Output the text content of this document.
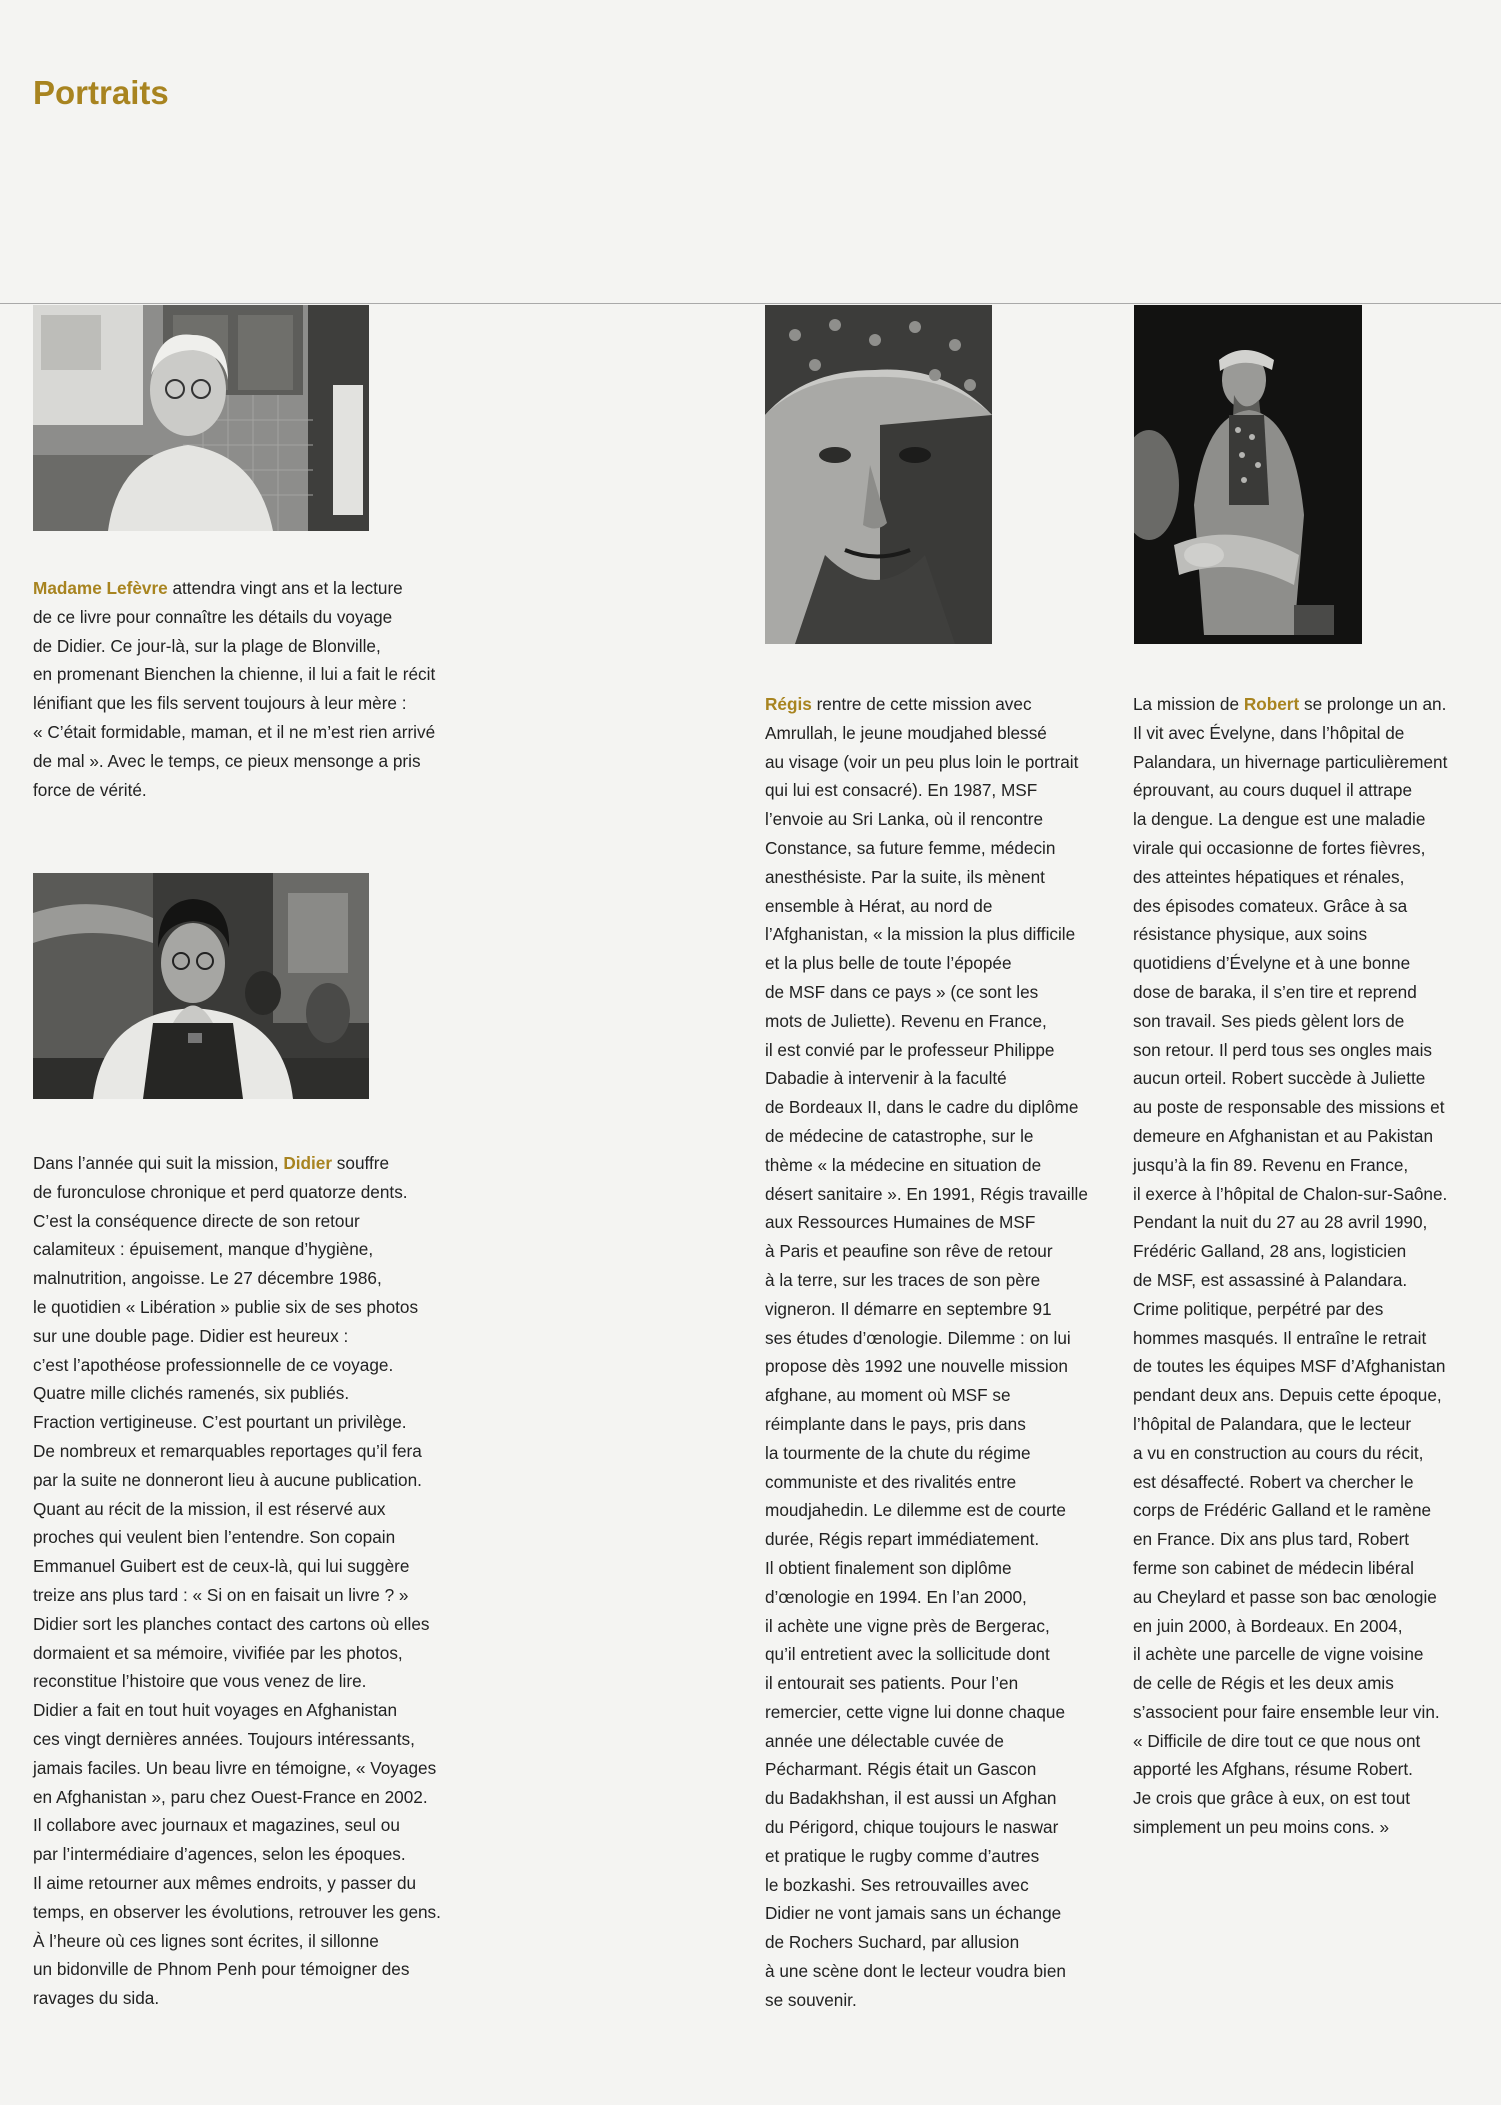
Portraits

Madame Lefèvre attendra vingt ans et la lecture
de ce livre pour connaître les détails du voyage
de Didier. Ce jour-là, sur la plage de Blonville,
en promenant Bienchen la chienne, il lui a fait le récit
lénifiant que les fils servent toujours à leur mère :
« C’était formidable, maman, et il ne m’est rien arrivé
de mal ». Avec le temps, ce pieux mensonge a pris
force de vérité.

Dans l’année qui suit la mission, Didier souffre
de furonculose chronique et perd quatorze dents.
C’est la conséquence directe de son retour
calamiteux : épuisement, manque d’hygiène,
malnutrition, angoisse. Le 27 décembre 1986,
le quotidien « Libération » publie six de ses photos
sur une double page. Didier est heureux :
c’est l’apothéose professionnelle de ce voyage.
Quatre mille clichés ramenés, six publiés.
Fraction vertigineuse. C’est pourtant un privilège.
De nombreux et remarquables reportages qu’il fera
par la suite ne donneront lieu à aucune publication.
Quant au récit de la mission, il est réservé aux
proches qui veulent bien l’entendre. Son copain
Emmanuel Guibert est de ceux-là, qui lui suggère
treize ans plus tard : « Si on en faisait un livre ? »
Didier sort les planches contact des cartons où elles
dormaient et sa mémoire, vivifiée par les photos,
reconstitue l’histoire que vous venez de lire.
Didier a fait en tout huit voyages en Afghanistan
ces vingt dernières années. Toujours intéressants,
jamais faciles. Un beau livre en témoigne, « Voyages
en Afghanistan », paru chez Ouest-France en 2002.
Il collabore avec journaux et magazines, seul ou
par l’intermédiaire d’agences, selon les époques.
Il aime retourner aux mêmes endroits, y passer du
temps, en observer les évolutions, retrouver les gens.
À l’heure où ces lignes sont écrites, il sillonne
un bidonville de Phnom Penh pour témoigner des
ravages du sida.

Régis rentre de cette mission avec
Amrullah, le jeune moudjahed blessé
au visage (voir un peu plus loin le portrait
qui lui est consacré). En 1987, MSF
l’envoie au Sri Lanka, où il rencontre
Constance, sa future femme, médecin
anesthésiste. Par la suite, ils mènent
ensemble à Hérat, au nord de
l’Afghanistan, « la mission la plus difficile
et la plus belle de toute l’épopée
de MSF dans ce pays » (ce sont les
mots de Juliette). Revenu en France,
il est convié par le professeur Philippe
Dabadie à intervenir à la faculté
de Bordeaux II, dans le cadre du diplôme
de médecine de catastrophe, sur le
thème « la médecine en situation de
désert sanitaire ». En 1991, Régis travaille
aux Ressources Humaines de MSF
à Paris et peaufine son rêve de retour
à la terre, sur les traces de son père
vigneron. Il démarre en septembre 91
ses études d’œnologie. Dilemme : on lui
propose dès 1992 une nouvelle mission
afghane, au moment où MSF se
réimplante dans le pays, pris dans
la tourmente de la chute du régime
communiste et des rivalités entre
moudjahedin. Le dilemme est de courte
durée, Régis repart immédiatement.
Il obtient finalement son diplôme
d’œnologie en 1994. En l’an 2000,
il achète une vigne près de Bergerac,
qu’il entretient avec la sollicitude dont
il entourait ses patients. Pour l’en
remercier, cette vigne lui donne chaque
année une délectable cuvée de
Pécharmant. Régis était un Gascon
du Badakhshan, il est aussi un Afghan
du Périgord, chique toujours le naswar
et pratique le rugby comme d’autres
le bozkashi. Ses retrouvailles avec
Didier ne vont jamais sans un échange
de Rochers Suchard, par allusion
à une scène dont le lecteur voudra bien
se souvenir.

La mission de Robert se prolonge un an.
Il vit avec Évelyne, dans l’hôpital de
Palandara, un hivernage particulièrement
éprouvant, au cours duquel il attrape
la dengue. La dengue est une maladie
virale qui occasionne de fortes fièvres,
des atteintes hépatiques et rénales,
des épisodes comateux. Grâce à sa
résistance physique, aux soins
quotidiens d’Évelyne et à une bonne
dose de baraka, il s’en tire et reprend
son travail. Ses pieds gèlent lors de
son retour. Il perd tous ses ongles mais
aucun orteil. Robert succède à Juliette
au poste de responsable des missions et
demeure en Afghanistan et au Pakistan
jusqu’à la fin 89. Revenu en France,
il exerce à l’hôpital de Chalon-sur-Saône.
Pendant la nuit du 27 au 28 avril 1990,
Frédéric Galland, 28 ans, logisticien
de MSF, est assassiné à Palandara.
Crime politique, perpétré par des
hommes masqués. Il entraîne le retrait
de toutes les équipes MSF d’Afghanistan
pendant deux ans. Depuis cette époque,
l’hôpital de Palandara, que le lecteur
a vu en construction au cours du récit,
est désaffecté. Robert va chercher le
corps de Frédéric Galland et le ramène
en France. Dix ans plus tard, Robert
ferme son cabinet de médecin libéral
au Cheylard et passe son bac œnologie
en juin 2000, à Bordeaux. En 2004,
il achète une parcelle de vigne voisine
de celle de Régis et les deux amis
s’associent pour faire ensemble leur vin.
« Difficile de dire tout ce que nous ont
apporté les Afghans, résume Robert.
Je crois que grâce à eux, on est tout
simplement un peu moins cons. »
